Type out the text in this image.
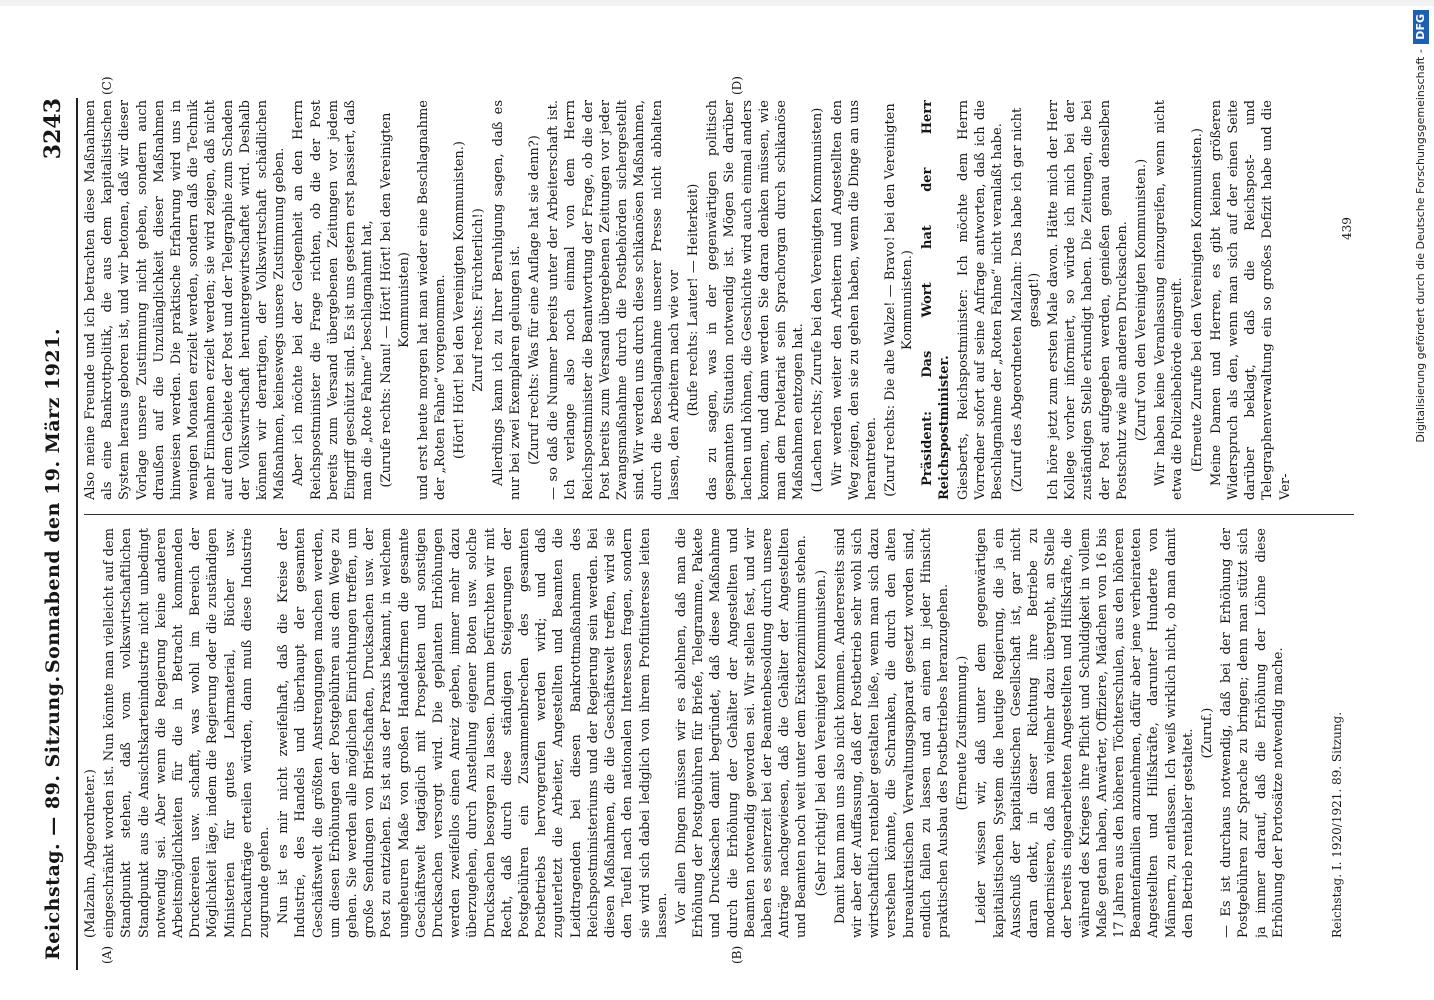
Reichstag. — 89. Sitzung.
Sonnabend den 19. März 1921.
3243
(A)	(B)
(C)	(D)

(Malzahn, Abgeordneter.) eingeschränkt worden ist. Nun könnte man vielleicht auf dem Standpunkt stehen, daß vom volkswirtschaftlichen Standpunkt aus die Ansichtskartenindustrie nicht unbedingt notwendig sei. Aber wenn die Regierung keine anderen Arbeitsmöglichkeiten für die in Betracht kommenden Druckereien usw. schafft, was wohl im Bereich der Möglichkeit läge, indem die Regierung oder die zuständigen Ministerien für gutes Lehrmaterial, Bücher usw. Druckaufträge erteilen würden, dann muß diese Industrie zugrunde gehen. Nun ist es mir nicht zweifelhaft, daß die Kreise der Industrie, des Handels und überhaupt der gesamten Geschäftswelt die größten Anstrengungen machen werden, um diesen Erhöhungen der Postgebühren aus dem Wege zu gehen. Sie werden alle möglichen Einrichtungen treffen, um große Sendungen von Briefschaften, Drucksachen usw. der Post zu entziehen. Es ist aus der Praxis bekannt, in welchem ungeheuren Maße von großen Handelsfirmen die gesamte Geschäftswelt tagtäglich mit Prospekten und sonstigen Drucksachen versorgt wird. Die geplanten Erhöhungen werden zweifellos einen Anreiz geben, immer mehr dazu überzugehen, durch Anstellung eigener Boten usw. solche Drucksachen besorgen zu lassen. Darum befürchten wir mit Recht, daß durch diese ständigen Steigerungen der Postgebühren ein Zusammenbrechen des gesamten Postbetriebs hervorgerufen werden wird; und daß zuguterletzt die Arbeiter, Angestellten und Beamten die Leidtragenden bei diesen Bankrottmaßnahmen des Reichspostministeriums und der Regierung sein werden. Bei diesen Maßnahmen, die die Geschäftswelt treffen, wird sie den Teufel nach den nationalen Interessen fragen, sondern sie wird sich dabei lediglich von ihrem Profitinteresse leiten lassen. Vor allen Dingen müssen wir es ablehnen, daß man die Erhöhung der Postgebühren für Briefe, Telegramme, Pakete und Drucksachen damit begründet, daß diese Maßnahme durch die Erhöhung der Gehälter der Angestellten und Beamten notwendig geworden sei. Wir stellen fest, und wir haben es seinerzeit bei der Beamtenbesoldung durch unsere Anträge nachgewiesen, daß die Gehälter der Angestellten und Beamten noch weit unter dem Existenzminimum stehen. (Sehr richtig! bei den Vereinigten Kommunisten.) Damit kann man uns also nicht kommen. Andererseits sind wir aber der Auffassung, daß der Postbetrieb sehr wohl sich wirtschaftlich rentabler gestalten ließe, wenn man sich dazu verstehen könnte, die Schranken, die durch den alten bureaukratischen Verwaltungsapparat gesetzt worden sind, endlich fallen zu lassen und an einen in jeder Hinsicht praktischen Ausbau des Postbetriebes heranzugehen. (Erneute Zustimmung.) Leider wissen wir, daß unter dem gegenwärtigen kapitalistischen System die heutige Regierung, die ja ein Ausschuß der kapitalistischen Gesellschaft ist, gar nicht daran denkt, in dieser Richtung ihre Betriebe zu modernisieren, daß man vielmehr dazu übergeht, an Stelle der bereits eingearbeiteten Angestellten und Hilfskräfte, die während des Krieges ihre Pflicht und Schuldigkeit in vollem Maße getan haben, Anwärter, Offiziere, Mädchen von 16 bis 17 Jahren aus den höheren Töchterschulen, aus den höheren Beamtenfamilien anzunehmen, dafür aber jene verheirateten Angestellten und Hilfskräfte, darunter Hunderte von Männern, zu entlassen. Ich weiß wirklich nicht, ob man damit den Betrieb rentabler gestaltet. (Zuruf.) — Es ist durchaus notwendig, daß bei der Erhöhung der Postgebühren zur Sprache zu bringen; denn man stützt sich ja immer darauf, daß die Erhöhung der Löhne diese Erhöhung der Portosätze notwendig mache.

Also meine Freunde und ich betrachten diese Maßnahmen als eine Bankrottpolitik, die aus dem kapitalistischen System heraus geboren ist, und wir betonen, daß wir dieser Vorlage unsere Zustimmung nicht geben, sondern auch draußen auf die Unzulänglichkeit dieser Maßnahmen hinweisen werden. Die praktische Erfahrung wird uns in wenigen Monaten erzielt werden, sondern daß die Technik mehr Einnahmen erzielt werden; sie wird zeigen, daß nicht auf dem Gebiete der Post und der Telegraphie zum Schaden der Volkswirtschaft heruntergewirtschaftet wird. Deshalb können wir derartigen, der Volkswirtschaft schädlichen Maßnahmen, keineswegs unsere Zustimmung geben. Aber ich möchte bei der Gelegenheit an den Herrn Reichspostminister die Frage richten, ob die der Post bereits zum Versand übergebenen Zeitungen vor jedem Eingriff geschützt sind. Es ist uns gestern erst passiert, daß man die „Rote Fahne“ beschlagnahmt hat, (Zurufe rechts: Nanu! — Hört! Hört! bei den Vereinigten Kommunisten) und erst heute morgen hat man wieder eine Beschlagnahme der „Roten Fahne“ vorgenommen. (Hört! Hört! bei den Vereinigten Kommunisten.) Zuruf rechts: Fürchterlich!) Allerdings kann ich zu Ihrer Beruhigung sagen, daß es nur bei zwei Exemplaren gelungen ist. (Zuruf rechts: Was für eine Auflage hat sie denn?) — so daß die Nummer bereits unter der Arbeiterschaft ist. Ich verlange also noch einmal von dem Herrn Reichspostminister die Beantwortung der Frage, ob die der Post bereits zum Versand übergebenen Zeitungen vor jeder Zwangsmaßnahme durch die Postbehörden sichergestellt sind. Wir werden uns durch diese schikanösen Maßnahmen, durch die Beschlagnahme unserer Presse nicht abhalten lassen, den Arbeitern nach wie vor (Rufe rechts: Lauter! — Heiterkeit) das zu sagen, was in der gegenwärtigen politisch gespannten Situation notwendig ist. Mögen Sie darüber lachen und höhnen, die Geschichte wird auch einmal anders kommen, und dann werden Sie daran denken müssen, wie man dem Proletariat sein Sprachorgan durch schikanöse Maßnahmen entzogen hat. (Lachen rechts; Zurufe bei den Vereinigten Kommunisten) Wir werden weiter den Arbeitern und Angestellten den Weg zeigen, den sie zu gehen haben, wenn die Dinge an uns herantreten. (Zuruf rechts: Die alte Walze! — Bravo! bei den Vereinigten Kommunisten.) Präsident: Das Wort hat der Herr Reichspostminister. Giesberts, Reichspostminister: Ich möchte dem Herrn Vorredner sofort auf seine Anfrage antworten, daß ich die Beschlagnahme der „Roten Fahne“ nicht veranlaßt habe. (Zuruf des Abgeordneten Malzahn: Das habe ich gar nicht gesagt!) Ich höre jetzt zum ersten Male davon. Hätte mich der Herr Kollege vorher informiert, so würde ich mich bei der zuständigen Stelle erkundigt haben. Die Zeitungen, die bei der Post aufgegeben werden, genießen genau denselben Postschutz wie alle anderen Drucksachen. (Zuruf von den Vereinigten Kommunisten.) Wir haben keine Veranlassung einzugreifen, wenn nicht etwa die Polizeibehörde eingreift. (Erneute Zurufe bei den Vereinigten Kommunisten.) Meine Damen und Herren, es gibt keinen größeren Widerspruch als den, wenn man sich auf der einen Seite darüber beklagt, daß die Reichspost- und Telegraphenverwaltung ein so großes Defizit habe und die Ver-

Reichstag. I. 1920/1921. 89. Sitzung.
439	Digitalisierung gefördert durch die Deutsche Forschungsgemeinschaft - DFG
